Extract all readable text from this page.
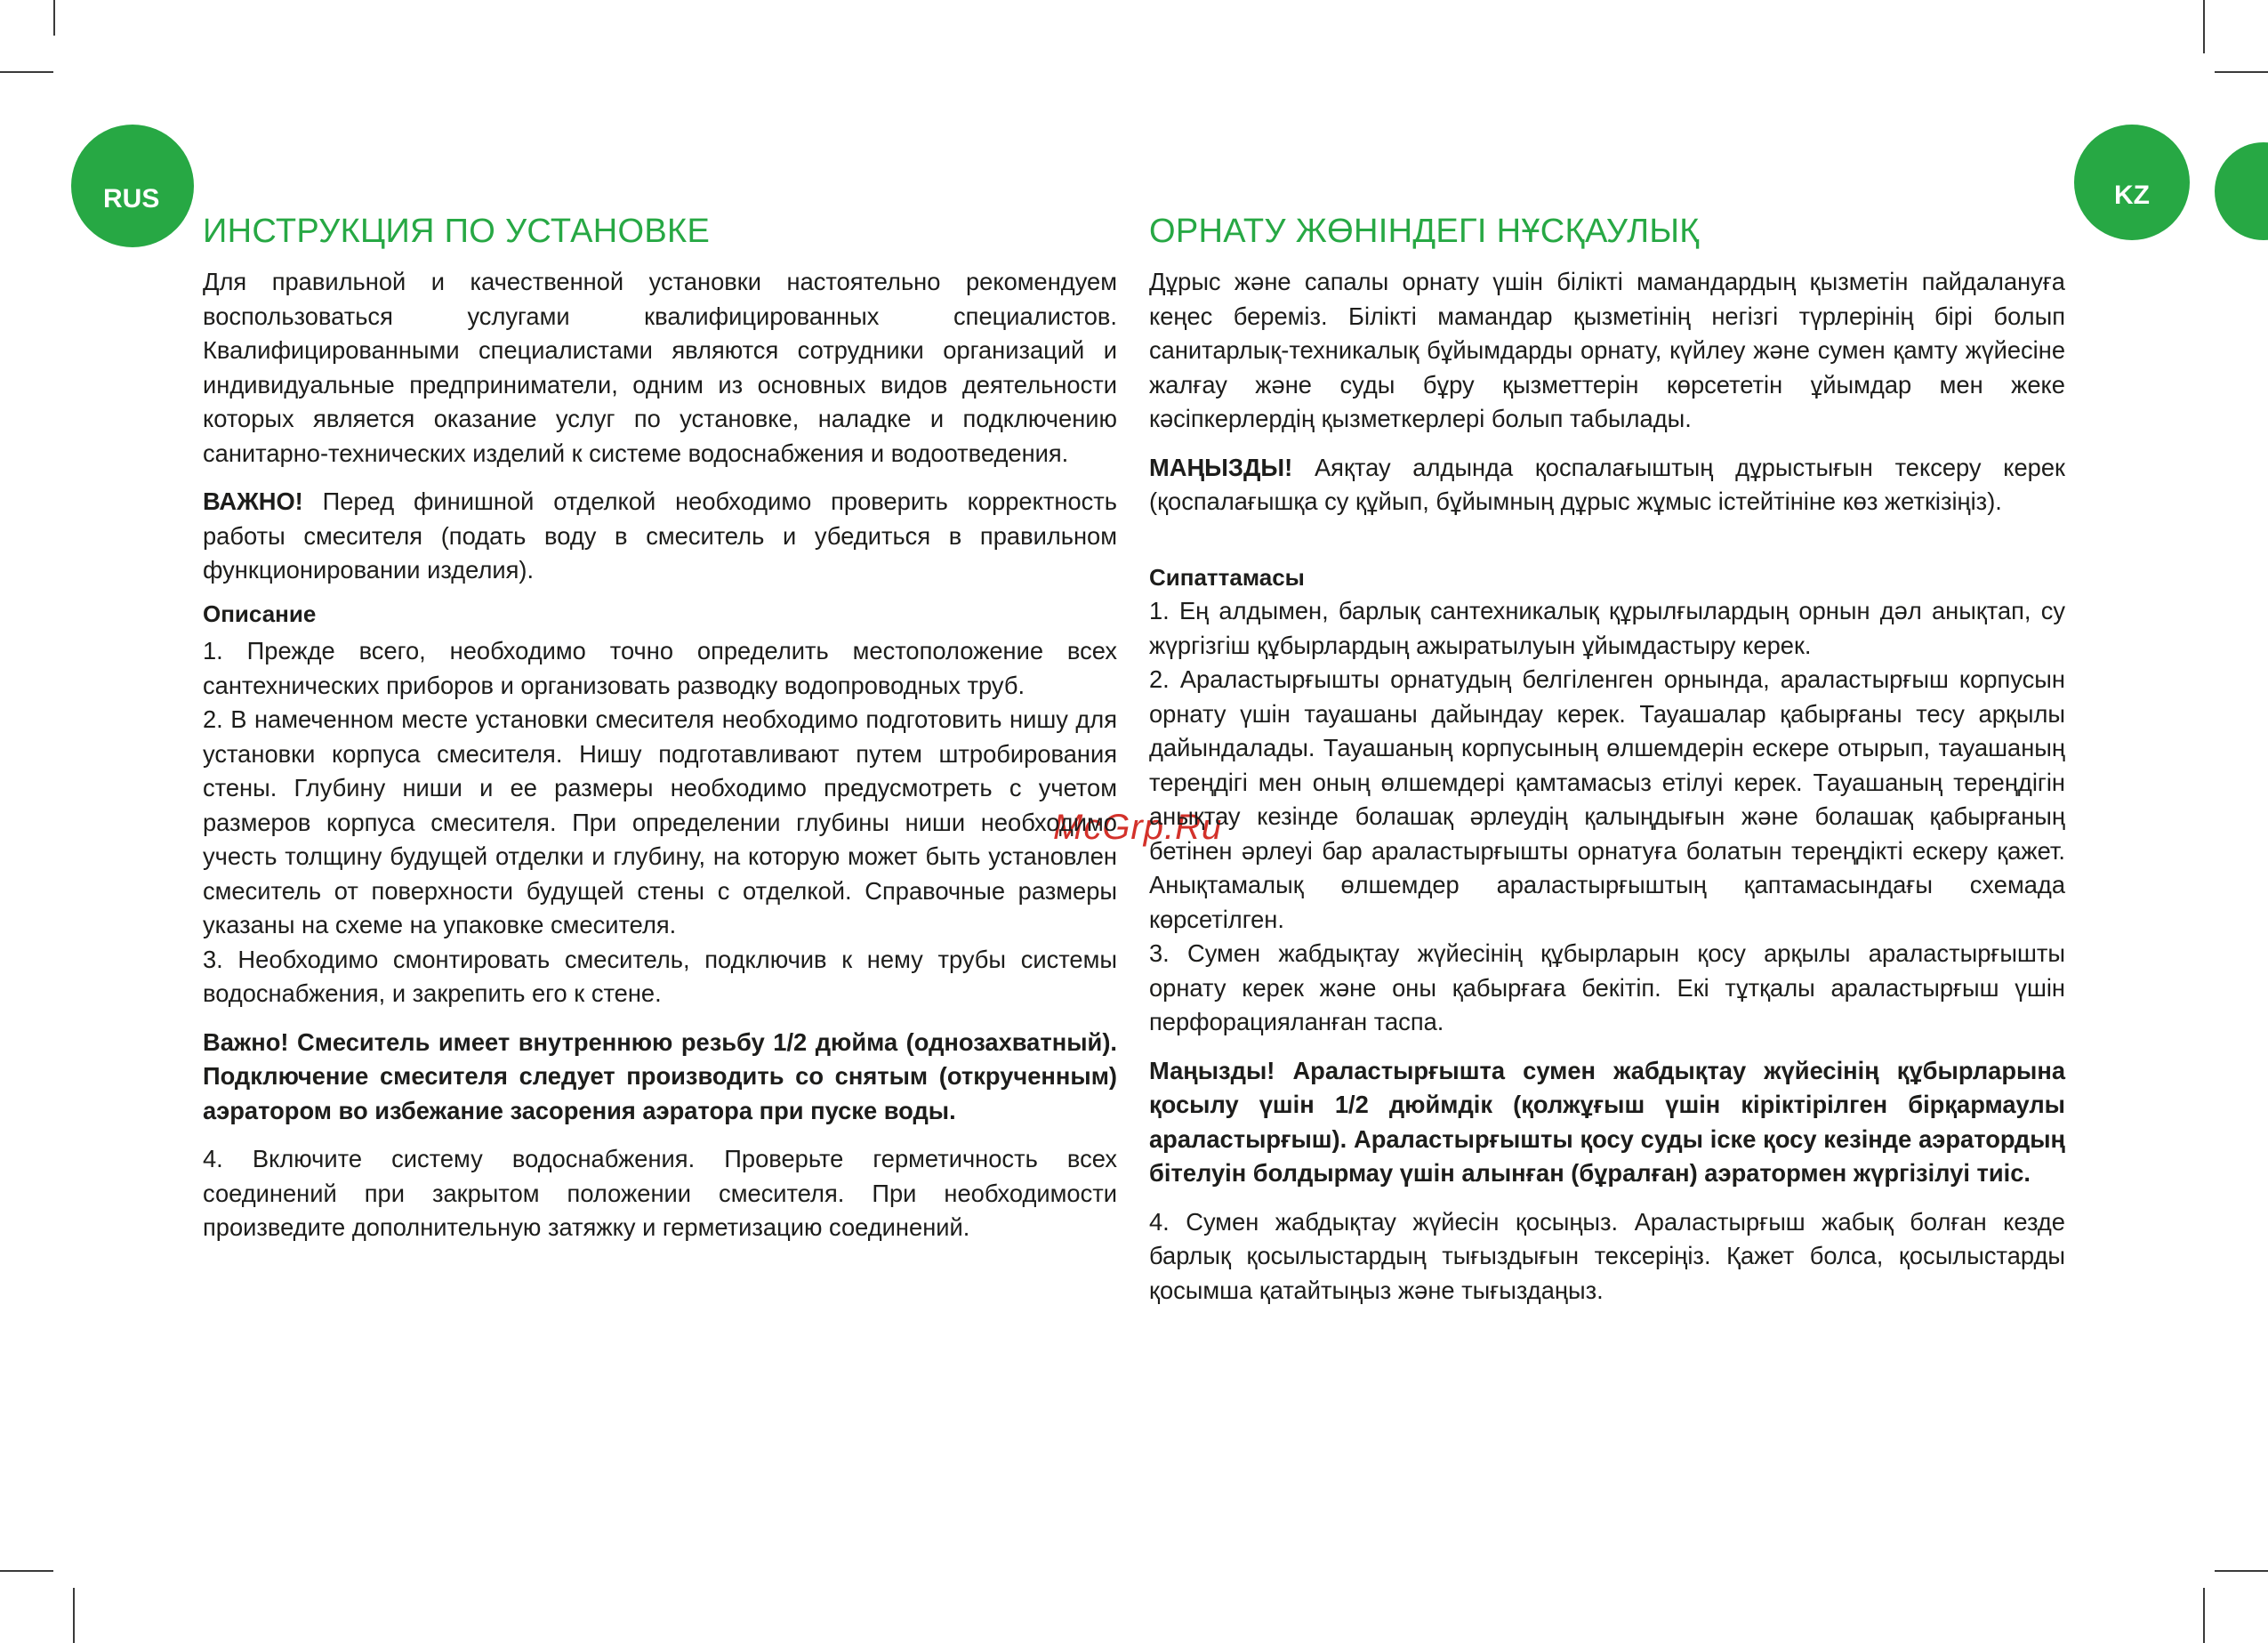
RUS	KZ
McGrp.Ru
ИНСТРУКЦИЯ ПО УСТАНОВКЕ

Для правильной и качественной установки настоятельно рекомендуем воспользоваться услугами квалифицированных специалистов. Квалифицированными специалистами являются сотрудники организаций и индивидуальные предприниматели, одним из основных видов деятельности которых является оказание услуг по установке, наладке и подключению санитарно-технических изделий к системе водоснабжения и водоотведения.

ВАЖНО! Перед финишной отделкой необходимо проверить корректность работы смесителя (подать воду в смеситель и убедиться в правильном функционировании изделия).

Описание

1. Прежде всего, необходимо точно определить местоположение всех сантехнических приборов и организовать разводку водопроводных труб.

2. В намеченном месте установки смесителя необходимо подготовить нишу для установки корпуса смесителя. Нишу подготавливают путем штробирования стены. Глубину ниши и ее размеры необходимо предусмотреть с учетом размеров корпуса смесителя. При определении глубины ниши необходимо учесть толщину будущей отделки и глубину, на которую может быть установлен смеситель от поверхности будущей стены с отделкой. Справочные размеры указаны на схеме на упаковке смесителя.

3. Необходимо смонтировать смеситель, подключив к нему трубы системы водоснабжения, и закрепить его к стене.

Важно! Смеситель имеет внутреннюю резьбу 1/2 дюйма (однозахватный). Подключение смесителя следует производить со снятым (открученным) аэратором во избежание засорения аэратора при пуске воды.

4. Включите систему водоснабжения. Проверьте герметичность всех соединений при закрытом положении смесителя. При необходимости произведите дополнительную затяжку и герметизацию соединений.

ОРНАТУ ЖӨНІНДЕГІ НҰСҚАУЛЫҚ

Дұрыс және сапалы орнату үшін білікті мамандардың қызметін пайдалануға кеңес береміз. Білікті мамандар қызметінің негізгі түрлерінің бірі болып санитарлық-техникалық бұйымдарды орнату, күйлеу және сумен қамту жүйесіне жалғау және суды бұру қызметтерін көрсететін ұйымдар мен жеке кәсіпкерлердің қызметкерлері болып табылады.

МАҢЫЗДЫ! Аяқтау алдында қоспалағыштың дұрыстығын тексеру керек (қоспалағышқа су құйып, бұйымның дұрыс жұмыс істейтініне көз жеткізіңіз).

Сипаттамасы

1. Ең алдымен, барлық сантехникалық құрылғылардың орнын дәл анықтап, су жүргізгіш құбырлардың ажыратылуын ұйымдастыру керек.

2. Араластырғышты орнатудың белгіленген орнында, араластырғыш корпусын орнату үшін тауашаны дайындау керек. Тауашалар қабырғаны тесу арқылы дайындалады. Тауашаның корпусының өлшемдерін ескере отырып, тауашаның тереңдігі мен оның өлшемдері қамтамасыз етілуі керек. Тауашаның тереңдігін анықтау кезінде болашақ әрлеудің қалыңдығын және болашақ қабырғаның бетінен әрлеуі бар араластырғышты орнатуға болатын тереңдікті ескеру қажет. Анықтамалық өлшемдер араластырғыштың қаптамасындағы схемада көрсетілген.

3. Сумен жабдықтау жүйесінің құбырларын қосу арқылы араластырғышты орнату керек және оны қабырғаға бекітіп. Екі тұтқалы араластырғыш үшін перфорацияланған таспа.

Маңызды! Араластырғышта сумен жабдықтау жүйесінің құбырларына қосылу үшін 1/2 дюймдік (қолжұғыш үшін кіріктірілген бірқармаулы араластырғыш). Араластырғышты қосу суды іске қосу кезінде аэратордың бітелуін болдырмау үшін алынған (бұралған) аэратормен жүргізілуі тиіс.

4. Сумен жабдықтау жүйесін қосыңыз. Араластырғыш жабық болған кезде барлық қосылыстардың тығыздығын тексеріңіз. Қажет болса, қосылыстарды қосымша қатайтыңыз және тығыздаңыз.
